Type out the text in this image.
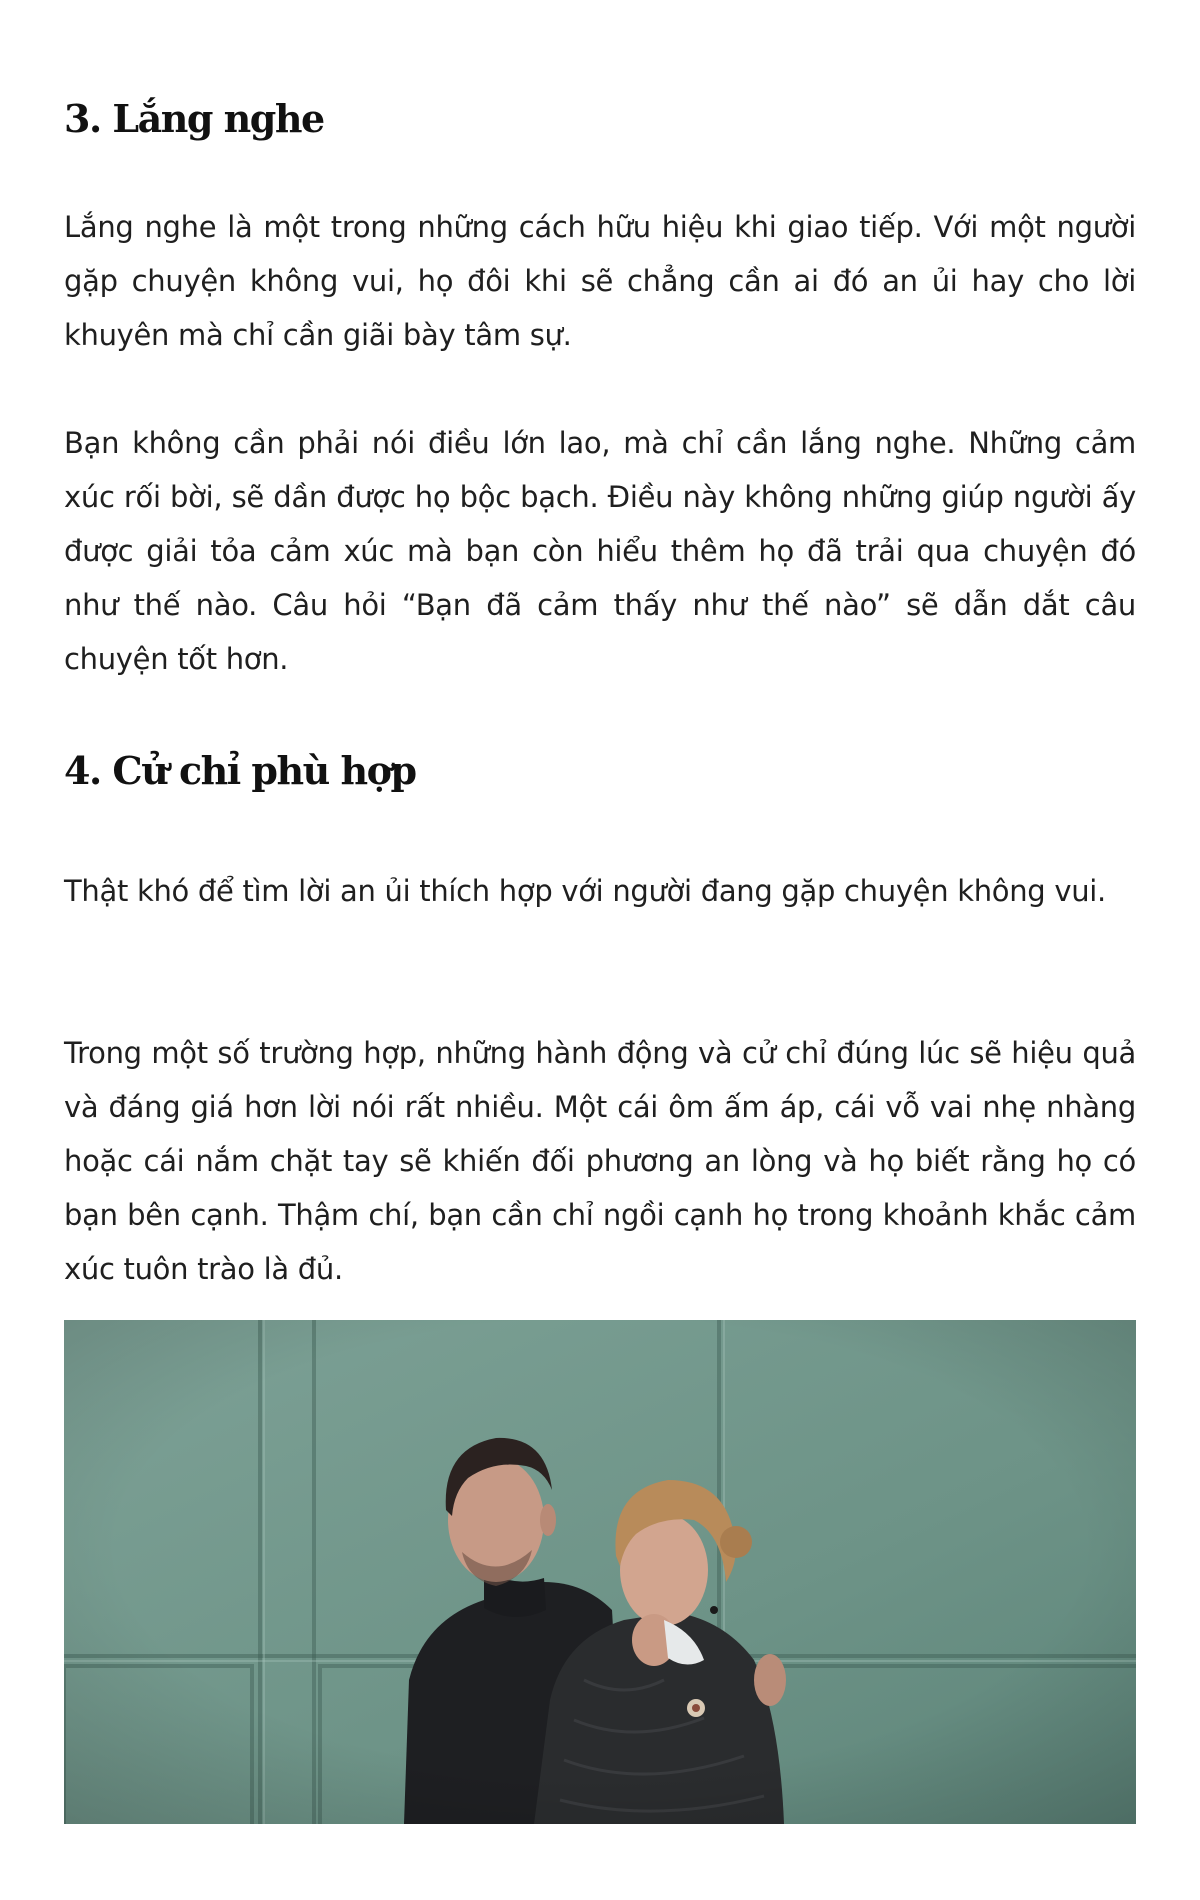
3. Lắng nghe

Lắng nghe là một trong những cách hữu hiệu khi giao tiếp. Với một người gặp chuyện không vui, họ đôi khi sẽ chẳng cần ai đó an ủi hay cho lời khuyên mà chỉ cần giãi bày tâm sự.

Bạn không cần phải nói điều lớn lao, mà chỉ cần lắng nghe. Những cảm xúc rối bời, sẽ dần được họ bộc bạch. Điều này không những giúp người ấy được giải tỏa cảm xúc mà bạn còn hiểu thêm họ đã trải qua chuyện đó như thế nào. Câu hỏi “Bạn đã cảm thấy như thế nào” sẽ dẫn dắt câu chuyện tốt hơn.

4. Cử chỉ phù hợp

Thật khó để tìm lời an ủi thích hợp với người đang gặp chuyện không vui.

Trong một số trường hợp, những hành động và cử chỉ đúng lúc sẽ hiệu quả và đáng giá hơn lời nói rất nhiều. Một cái ôm ấm áp, cái vỗ vai nhẹ nhàng hoặc cái nắm chặt tay sẽ khiến đối phương an lòng và họ biết rằng họ có bạn bên cạnh. Thậm chí, bạn cần chỉ ngồi cạnh họ trong khoảnh khắc cảm xúc tuôn trào là đủ.
